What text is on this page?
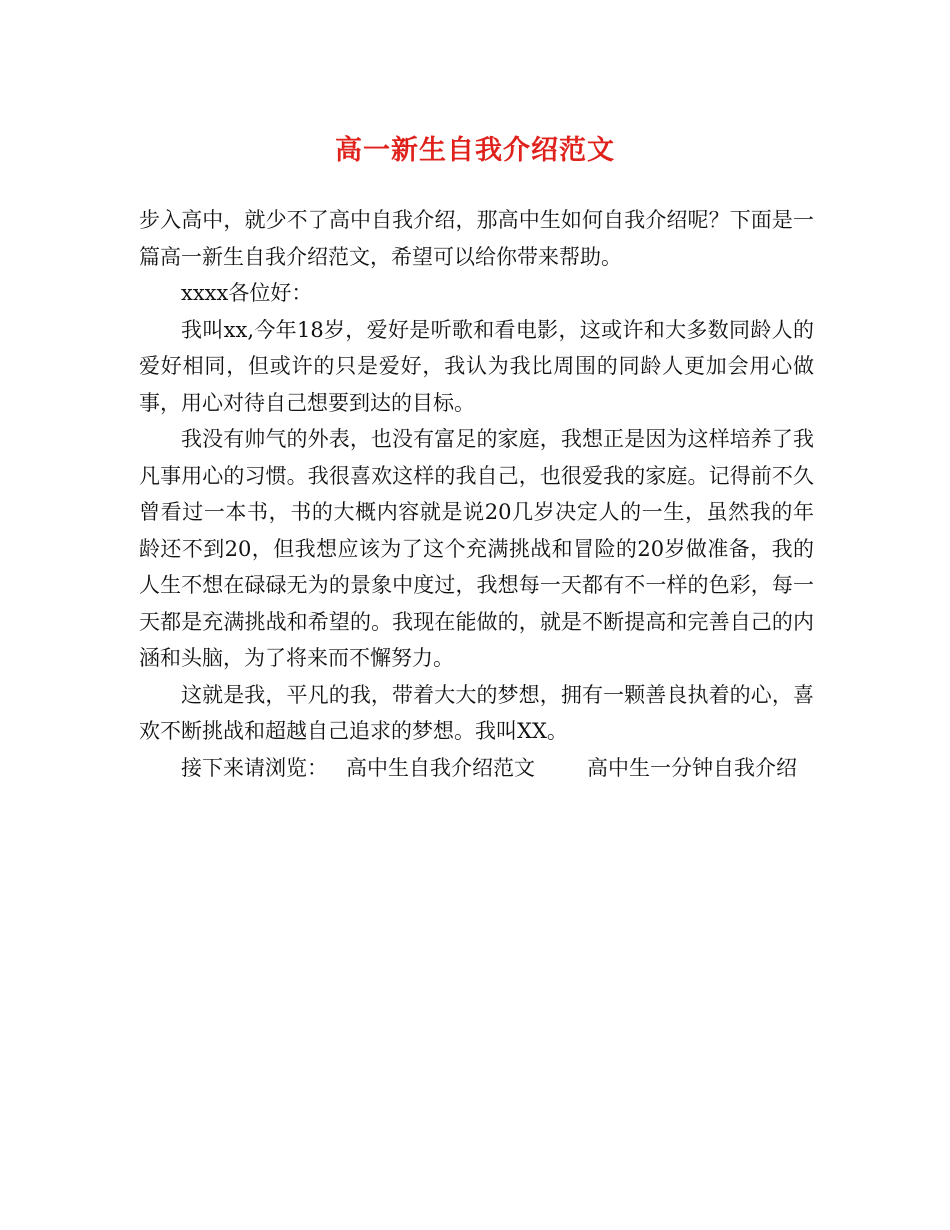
高一新生自我介绍范文

步入高中，就少不了高中自我介绍，那高中生如何自我介绍呢？下面是一篇高一新生自我介绍范文，希望可以给你带来帮助。

xxxx各位好：

我叫xx,今年18岁，爱好是听歌和看电影，这或许和大多数同龄人的爱好相同，但或许的只是爱好，我认为我比周围的同龄人更加会用心做事，用心对待自己想要到达的目标。

我没有帅气的外表，也没有富足的家庭，我想正是因为这样培养了我凡事用心的习惯。我很喜欢这样的我自己，也很爱我的家庭。记得前不久曾看过一本书，书的大概内容就是说20几岁决定人的一生，虽然我的年龄还不到20，但我想应该为了这个充满挑战和冒险的20岁做准备，我的人生不想在碌碌无为的景象中度过，我想每一天都有不一样的色彩，每一天都是充满挑战和希望的。我现在能做的，就是不断提高和完善自己的内涵和头脑，为了将来而不懈努力。

这就是我，平凡的我，带着大大的梦想，拥有一颗善良执着的心，喜欢不断挑战和超越自己追求的梦想。我叫XX。

接下来请浏览： 高中生自我介绍范文 高中生一分钟自我介绍
